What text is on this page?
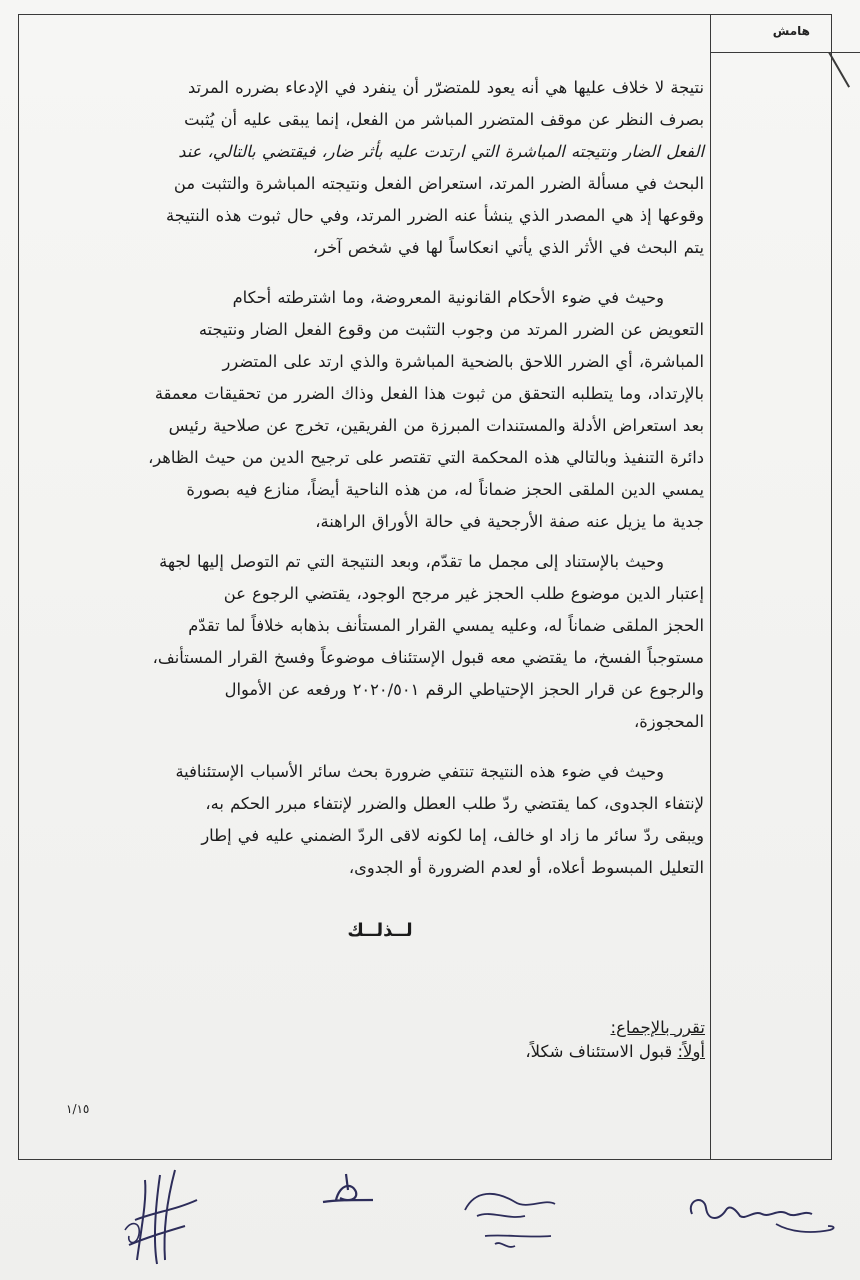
هامش
نتيجة لا خلاف عليها هي أنه يعود للمتضرّر أن ينفرد في الإدعاء بضرره المرتد
بصرف النظر عن موقف المتضرر المباشر من الفعل، إنما يبقى عليه أن يُثبت
الفعل الضار ونتيجته المباشرة التي ارتدت عليه بأثر ضار، فيقتضي بالتالي، عند
البحث في مسألة الضرر المرتد، استعراض الفعل ونتيجته المباشرة والتثبت من
وقوعها إذ هي المصدر الذي ينشأ عنه الضرر المرتد، وفي حال ثبوت هذه النتيجة
يتم البحث في الأثر الذي يأتي انعكاساً لها في شخص آخر،
وحيث في ضوء الأحكام القانونية المعروضة، وما اشترطته أحكام
التعويض عن الضرر المرتد من وجوب التثبت من وقوع الفعل الضار ونتيجته
المباشرة، أي الضرر اللاحق بالضحية المباشرة والذي ارتد على المتضرر
بالإرتداد، وما يتطلبه التحقق من ثبوت هذا الفعل وذاك الضرر من تحقيقات معمقة
بعد استعراض الأدلة والمستندات المبرزة من الفريقين، تخرج عن صلاحية رئيس
دائرة التنفيذ وبالتالي هذه المحكمة التي تقتصر على ترجيح الدين من حيث الظاهر،
يمسي الدين الملقى الحجز ضماناً له، من هذه الناحية أيضاً، منازع فيه بصورة
جدية ما يزيل عنه صفة الأرجحية في حالة الأوراق الراهنة،
وحيث بالإستناد إلى مجمل ما تقدّم، وبعد النتيجة التي تم التوصل إليها لجهة
إعتبار الدين موضوع طلب الحجز غير مرجح الوجود، يقتضي الرجوع عن
الحجز الملقى ضماناً له، وعليه يمسي القرار المستأنف بذهابه خلافاً لما تقدّم
مستوجباً الفسخ، ما يقتضي معه قبول الإستئناف موضوعاً وفسخ القرار المستأنف،
والرجوع عن قرار الحجز الإحتياطي الرقم ٢٠٢٠/٥٠١ ورفعه عن الأموال
المحجوزة،
وحيث في ضوء هذه النتيجة تنتفي ضرورة بحث سائر الأسباب الإستئنافية
لإنتفاء الجدوى، كما يقتضي ردّ طلب العطل والضرر لإنتفاء مبرر الحكم به،
ويبقى ردّ سائر ما زاد او خالف، إما لكونه لاقى الردّ الضمني عليه في إطار
التعليل المبسوط أعلاه، أو لعدم الضرورة أو الجدوى،
لــذلــك
تقرر بالإجماع:
أولاً: قبول الاستئناف شكلاً،
١/١٥
